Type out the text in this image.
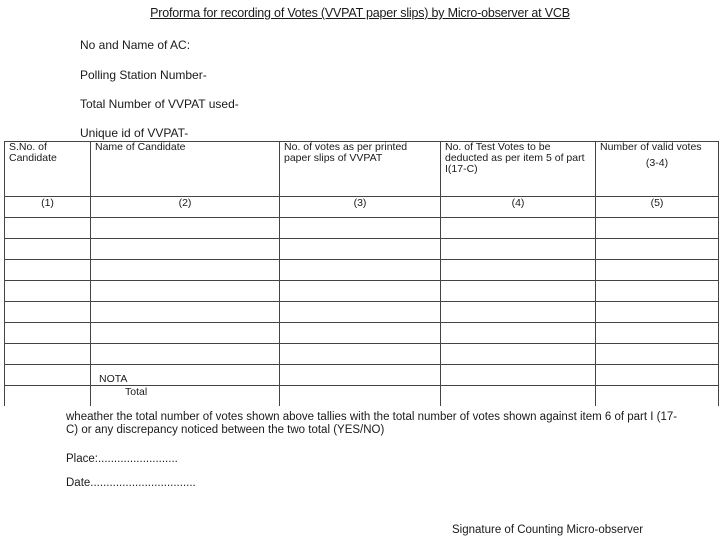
Proforma for recording of Votes (VVPAT paper slips) by Micro-observer at VCB
No and Name of AC:
Polling Station Number-
Total Number of VVPAT used-
Unique id of VVPAT-
S.No. of Candidate	Name of Candidate	No. of votes as per printed paper slips of VVPAT	No. of Test Votes to be deducted as per item 5 of part I(17-C)	Number of valid votes
(3-4)

(1)	(2)	(3)	(4)	(5)

	NOTA			
	Total			
wheather the total number of votes shown above tallies with the total number of votes shown against item 6 of part I (17-C) or any discrepancy noticed between the two total (YES/NO)
Place:.........................
Date.................................
Signature of Counting Micro-observer
